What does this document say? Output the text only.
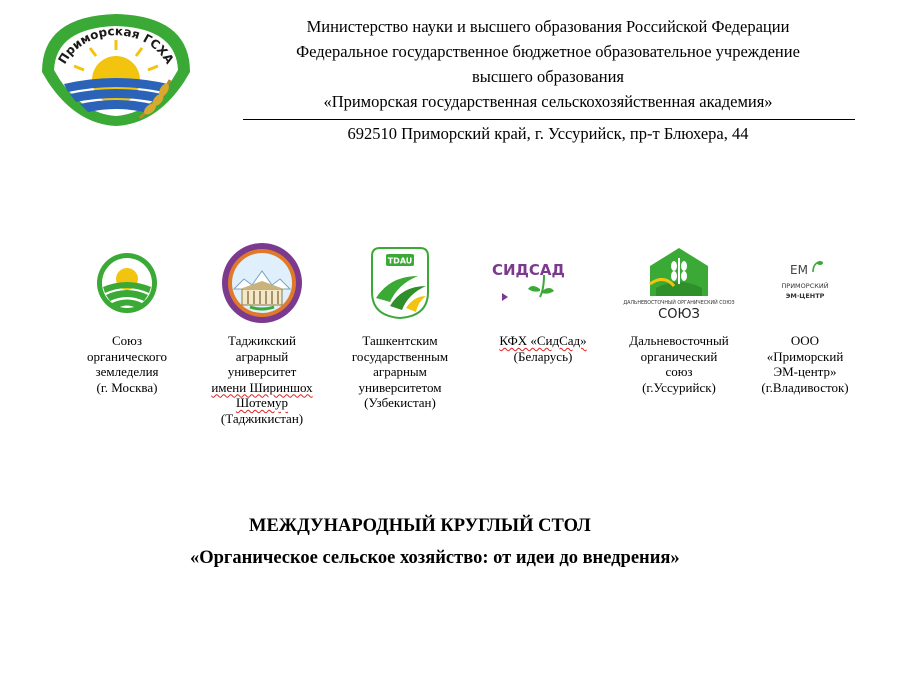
Приморская ГСХА
Министерство науки и высшего образования Российской Федерации
Федеральное государственное бюджетное образовательное учреждение
высшего образования
«Приморская государственная сельскохозяйственная академия»
692510 Приморский край, г. Уссурийск, пр-т Блюхера, 44
Союз
органического
земледелия
(г. Москва)
Таджикский
аграрный
университет
имени Шириншох
Шотемур
(Таджикистан)
TDAU
Ташкентским
государственным
аграрным
университетом
(Узбекистан)
СИДСАД
КФХ «СидСад»
(Беларусь)
ДАЛЬНЕВОСТОЧНЫЙ ОРГАНИЧЕСКИЙ СОЮЗ
СОЮЗ
Дальневосточный
органический
союз
(г.Уссурийск)
ЕМ
ПРИМОРСКИЙ
ЭМ·ЦЕНТР
ООО
«Приморский
ЭМ-центр»
(г.Владивосток)
МЕЖДУНАРОДНЫЙ КРУГЛЫЙ СТОЛ
«Органическое сельское хозяйство: от идеи до внедрения»
